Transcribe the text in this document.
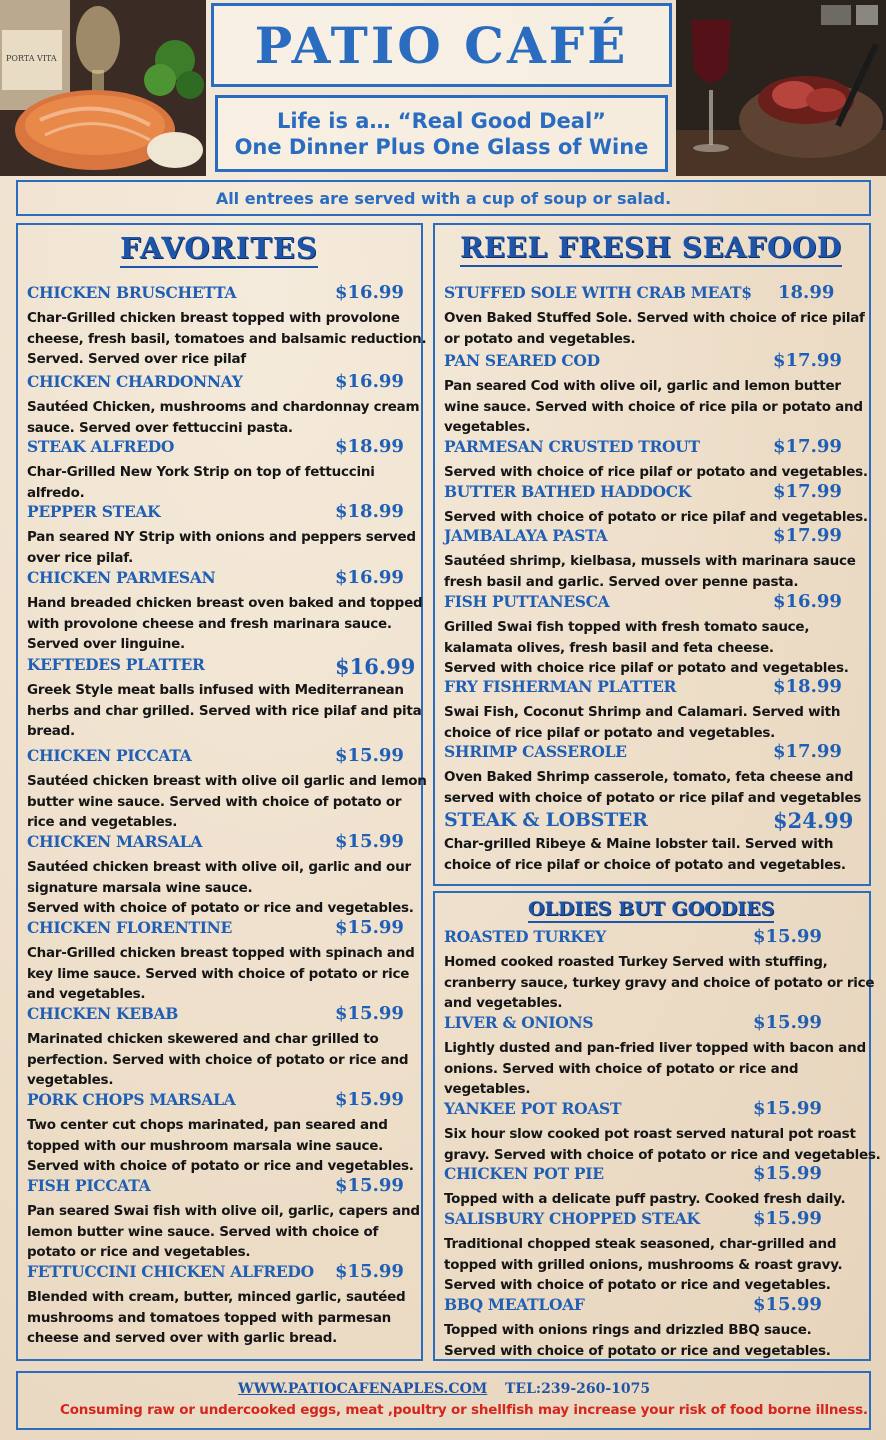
PORTA VITA	PATIO CAFÉ
Life is a… “Real Good Deal”
One Dinner Plus One Glass of Wine
All entrees are served with a cup of soup or salad.
FAVORITES	REEL FRESH SEAFOOD
OLDIES BUT GOODIES
CHICKEN BRUSCHETTA	$16.99
Char-Grilled chicken breast topped with provolone
cheese, fresh basil, tomatoes and balsamic reduction.
Served. Served over rice pilaf
CHICKEN CHARDONNAY	$16.99
Sautéed Chicken, mushrooms and chardonnay cream
sauce. Served over fettuccini pasta.
STEAK ALFREDO	$18.99
Char-Grilled New York Strip on top of fettuccini
alfredo.
PEPPER STEAK	$18.99
Pan seared NY Strip with onions and peppers served
over rice pilaf.
CHICKEN PARMESAN	$16.99
Hand breaded chicken breast oven baked and topped
with provolone cheese and fresh marinara sauce.
Served over linguine.
KEFTEDES PLATTER	$16.99
Greek Style meat balls infused with Mediterranean
herbs and char grilled. Served with rice pilaf and pita
bread.
CHICKEN PICCATA	$15.99
Sautéed chicken breast with olive oil garlic and lemon
butter wine sauce. Served with choice of potato or
rice and vegetables.
CHICKEN MARSALA	$15.99
Sautéed chicken breast with olive oil, garlic and our
signature marsala wine sauce.
Served with choice of potato or rice and vegetables.
CHICKEN FLORENTINE	$15.99
Char-Grilled chicken breast topped with spinach and
key lime sauce. Served with choice of potato or rice
and vegetables.
CHICKEN KEBAB	$15.99
Marinated chicken skewered and char grilled to
perfection. Served with choice of potato or rice and
vegetables.
PORK CHOPS MARSALA	$15.99
Two center cut chops marinated, pan seared and
topped with our mushroom marsala wine sauce.
Served with choice of potato or rice and vegetables.
FISH PICCATA	$15.99
Pan seared Swai fish with olive oil, garlic, capers and
lemon butter wine sauce. Served with choice of
potato or rice and vegetables.
FETTUCCINI CHICKEN ALFREDO $15.99
Blended with cream, butter, minced garlic, sautéed
mushrooms and tomatoes topped with parmesan
cheese and served over with garlic bread.
STUFFED SOLE WITH CRAB MEAT$ 18.99
Oven Baked Stuffed Sole. Served with choice of rice pilaf
or potato and vegetables.
PAN SEARED COD	$17.99
Pan seared Cod with olive oil, garlic and lemon butter
wine sauce. Served with choice of rice pila or potato and
vegetables.
PARMESAN CRUSTED TROUT	$17.99
Served with choice of rice pilaf or potato and vegetables.
BUTTER BATHED HADDOCK	$17.99
Served with choice of potato or rice pilaf and vegetables.
JAMBALAYA PASTA	$17.99
Sautéed shrimp, kielbasa, mussels with marinara sauce
fresh basil and garlic. Served over penne pasta.
FISH PUTTANESCA	$16.99
Grilled Swai fish topped with fresh tomato sauce,
kalamata olives, fresh basil and feta cheese.
Served with choice rice pilaf or potato and vegetables.
FRY FISHERMAN PLATTER	$18.99
Swai Fish, Coconut Shrimp and Calamari. Served with
choice of rice pilaf or potato and vegetables.
SHRIMP CASSEROLE	$17.99
Oven Baked Shrimp casserole, tomato, feta cheese and
served with choice of potato or rice pilaf and vegetables
STEAK & LOBSTER	$24.99
Char-grilled Ribeye & Maine lobster tail. Served with
choice of rice pilaf or choice of potato and vegetables.
ROASTED TURKEY	$15.99
Homed cooked roasted Turkey Served with stuffing,
cranberry sauce, turkey gravy and choice of potato or rice
and vegetables.
LIVER & ONIONS	$15.99
Lightly dusted and pan-fried liver topped with bacon and
onions. Served with choice of potato or rice and
vegetables.
YANKEE POT ROAST	$15.99
Six hour slow cooked pot roast served natural pot roast
gravy. Served with choice of potato or rice and vegetables.
CHICKEN POT PIE	$15.99
Topped with a delicate puff pastry. Cooked fresh daily.
SALISBURY CHOPPED STEAK	$15.99
Traditional chopped steak seasoned, char-grilled and
topped with grilled onions, mushrooms & roast gravy.
Served with choice of potato or rice and vegetables.
BBQ MEATLOAF	$15.99
Topped with onions rings and drizzled BBQ sauce.
Served with choice of potato or rice and vegetables.
WWW.PATIOCAFENAPLES.COM TEL:239-260-1075
Consuming raw or undercooked eggs, meat ,poultry or shellfish may increase your risk of food borne illness.
